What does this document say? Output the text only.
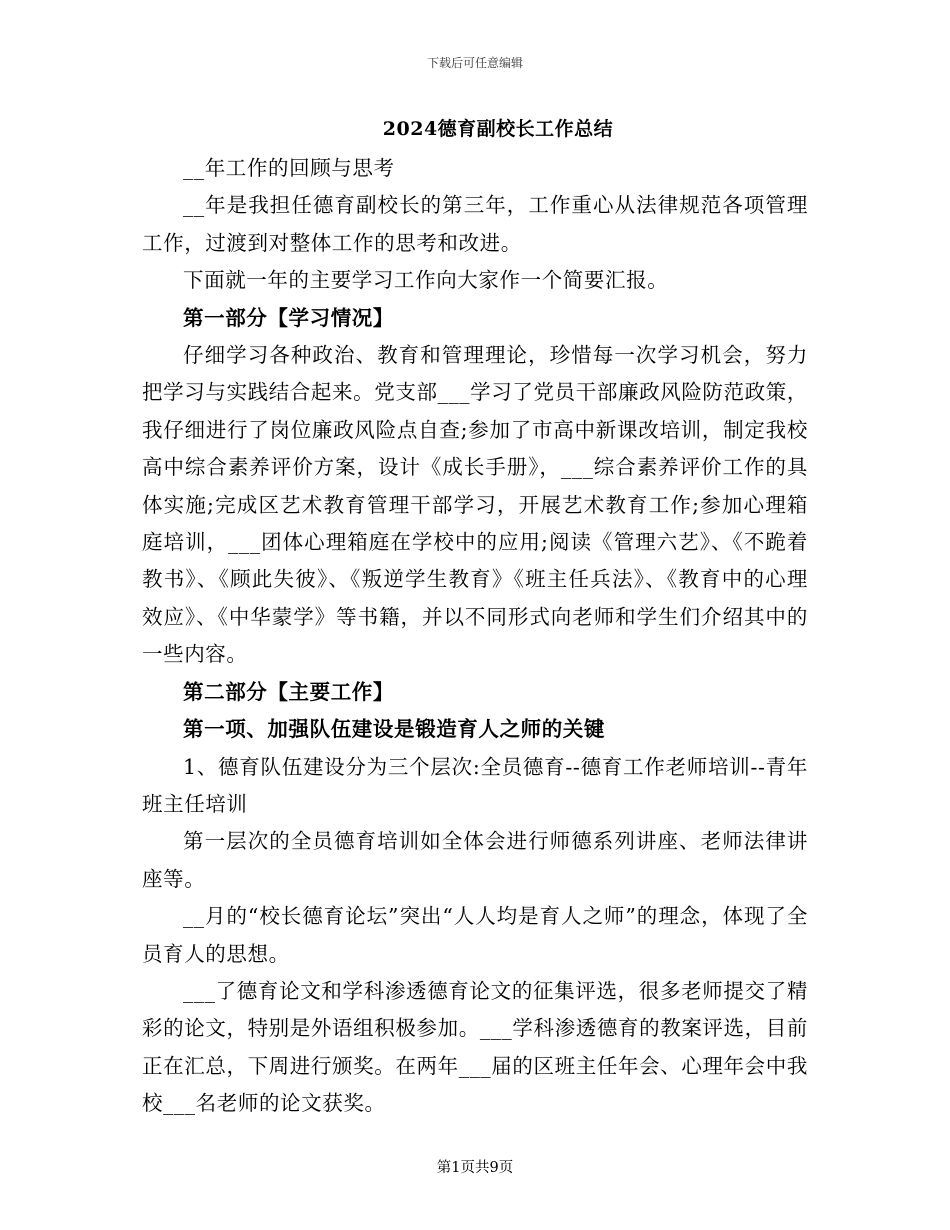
下载后可任意编辑
2024德育副校长工作总结

__年工作的回顾与思考

__年是我担任德育副校长的第三年，工作重心从法律规范各项管理工作，过渡到对整体工作的思考和改进。

下面就一年的主要学习工作向大家作一个简要汇报。

第一部分【学习情况】

仔细学习各种政治、教育和管理理论，珍惜每一次学习机会，努力把学习与实践结合起来。党支部___学习了党员干部廉政风险防范政策，我仔细进行了岗位廉政风险点自查;参加了市高中新课改培训，制定我校高中综合素养评价方案，设计《成长手册》，___综合素养评价工作的具体实施;完成区艺术教育管理干部学习，开展艺术教育工作;参加心理箱庭培训，___团体心理箱庭在学校中的应用;阅读《管理六艺》、《不跪着教书》、《顾此失彼》、《叛逆学生教育》《班主任兵法》、《教育中的心理效应》、《中华蒙学》等书籍，并以不同形式向老师和学生们介绍其中的一些内容。

第二部分【主要工作】

第一项、加强队伍建设是锻造育人之师的关键

1、德育队伍建设分为三个层次:全员德育--德育工作老师培训--青年班主任培训

第一层次的全员德育培训如全体会进行师德系列讲座、老师法律讲座等。

__月的“校长德育论坛”突出“人人均是育人之师”的理念，体现了全员育人的思想。

___了德育论文和学科渗透德育论文的征集评选，很多老师提交了精彩的论文，特别是外语组积极参加。___学科渗透德育的教案评选，目前正在汇总，下周进行颁奖。在两年___届的区班主任年会、心理年会中我校___名老师的论文获奖。

第1页共9页
